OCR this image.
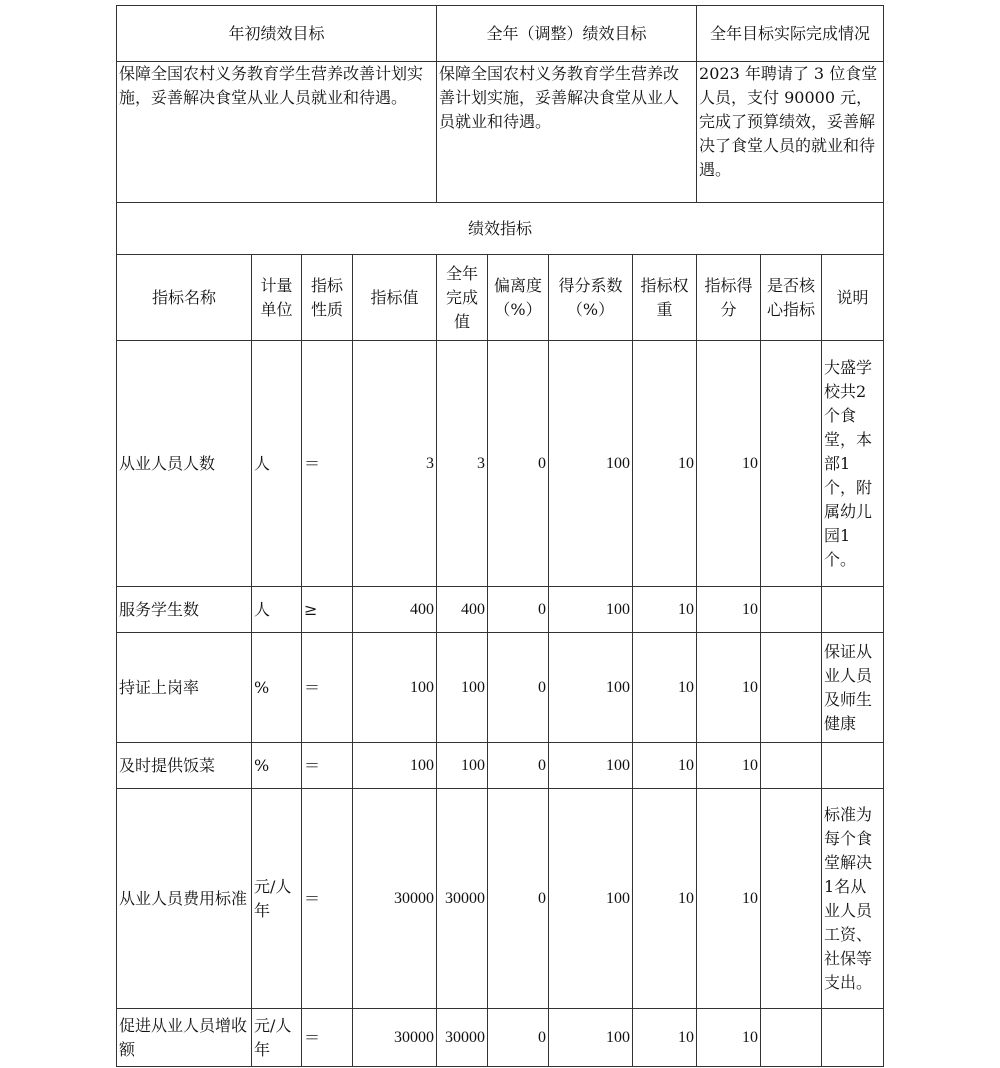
年初绩效目标				全年（调整）绩效目标				全年目标实际完成情况		
保障全国农村义务教育学生营养改善计划实施，妥善解决食堂从业人员就业和待遇。				保障全国农村义务教育学生营养改善计划实施，妥善解决食堂从业人员就业和待遇。				2023 年聘请了 3 位食堂人员，支付 90000 元，完成了预算绩效，妥善解决了食堂人员的就业和待遇。		
绩效指标										
指标名称	计量单位	指标性质	指标值	全年完成值	偏离度（%）	得分系数（%）	指标权重	指标得分	是否核心指标	说明
从业人员人数	人	＝	3	3	0	100	10	10		大盛学校共2个食堂，本部1个，附属幼儿园1个。
服务学生数	人	≥	400	400	0	100	10	10		
持证上岗率	%	＝	100	100	0	100	10	10		保证从业人员及师生健康
及时提供饭菜	%	＝	100	100	0	100	10	10		
从业人员费用标准	元/人年	＝	30000	30000	0	100	10	10		标准为每个食堂解决1名从业人员工资、社保等支出。
促进从业人员增收额	元/人年	＝	30000	30000	0	100	10	10		
